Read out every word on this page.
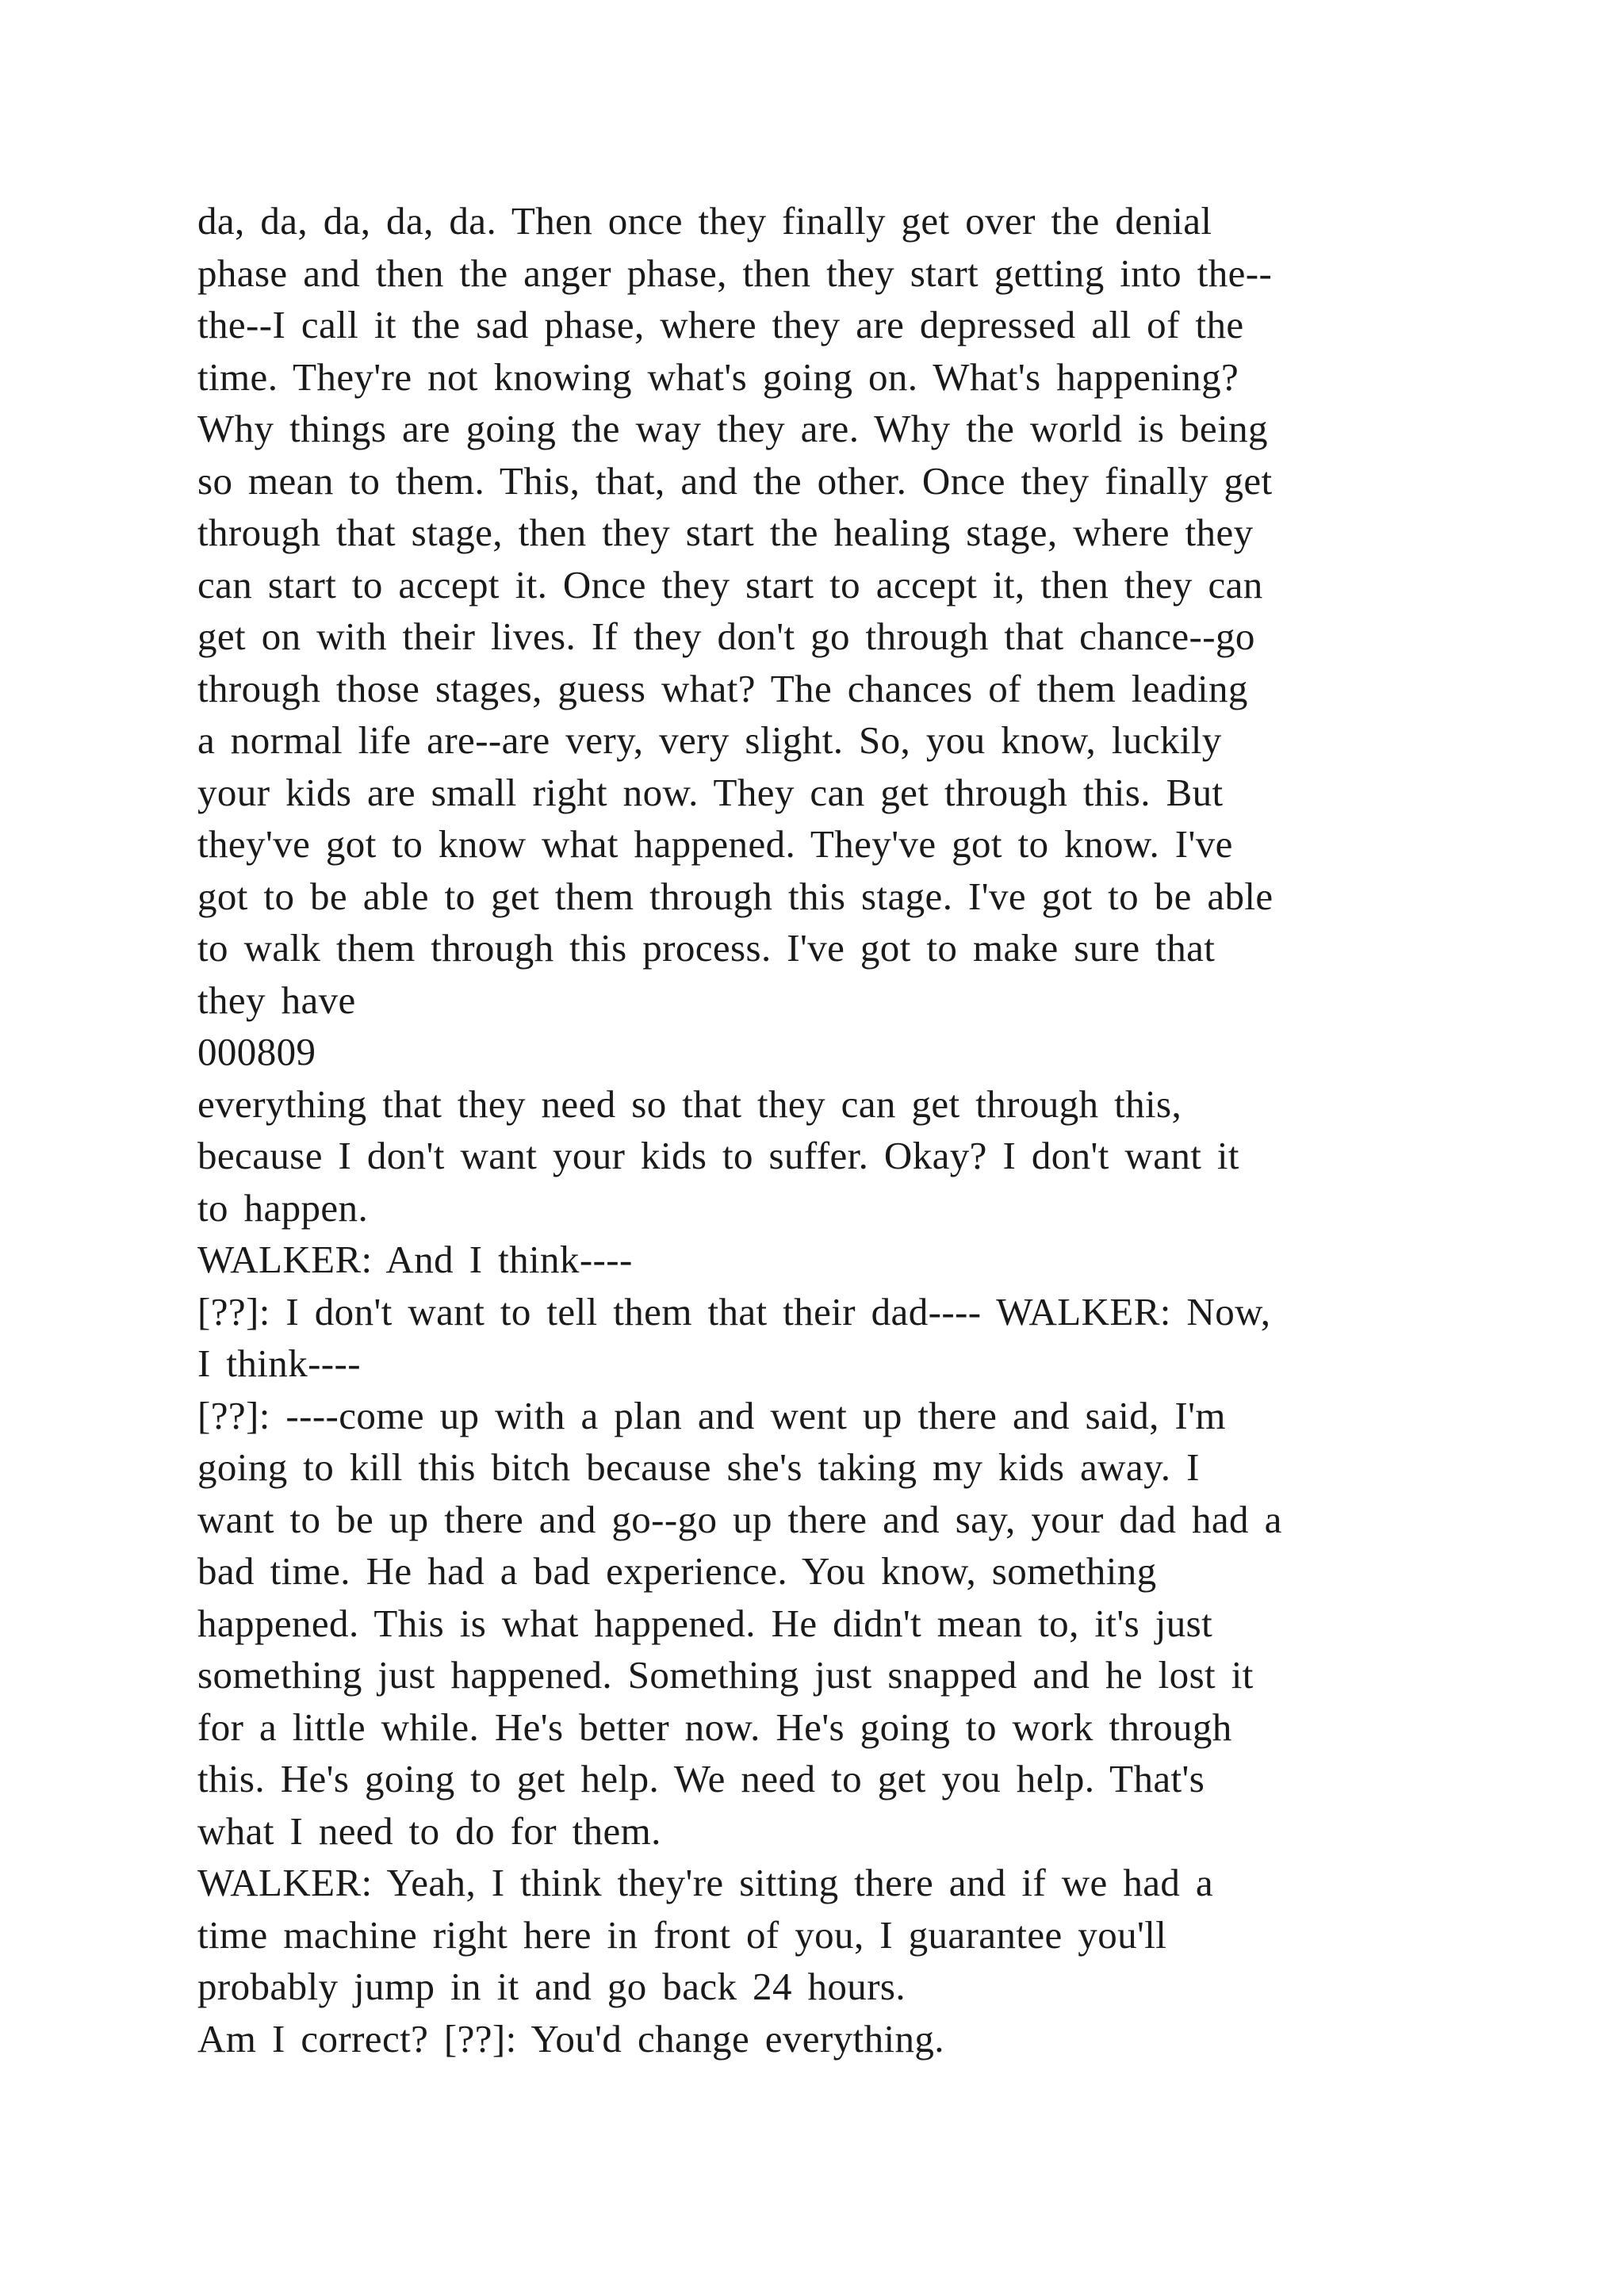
da, da, da, da, da. Then once they finally get over the denial
phase and then the anger phase, then they start getting into the--
the--I call it the sad phase, where they are depressed all of the
time. They're not knowing what's going on. What's happening?
Why things are going the way they are. Why the world is being
so mean to them. This, that, and the other. Once they finally get
through that stage, then they start the healing stage, where they
can start to accept it. Once they start to accept it, then they can
get on with their lives. If they don't go through that chance--go
through those stages, guess what? The chances of them leading
a normal life are--are very, very slight. So, you know, luckily
your kids are small right now. They can get through this. But
they've got to know what happened. They've got to know. I've
got to be able to get them through this stage. I've got to be able
to walk them through this process. I've got to make sure that
they have
000809
everything that they need so that they can get through this,
because I don't want your kids to suffer. Okay? I don't want it
to happen.
WALKER: And I think----
[??]: I don't want to tell them that their dad---- WALKER: Now,
I think----
[??]: ----come up with a plan and went up there and said, I'm
going to kill this bitch because she's taking my kids away. I
want to be up there and go--go up there and say, your dad had a
bad time. He had a bad experience. You know, something
happened. This is what happened. He didn't mean to, it's just
something just happened. Something just snapped and he lost it
for a little while. He's better now. He's going to work through
this. He's going to get help. We need to get you help. That's
what I need to do for them.
WALKER: Yeah, I think they're sitting there and if we had a
time machine right here in front of you, I guarantee you'll
probably jump in it and go back 24 hours.
Am I correct? [??]: You'd change everything.
